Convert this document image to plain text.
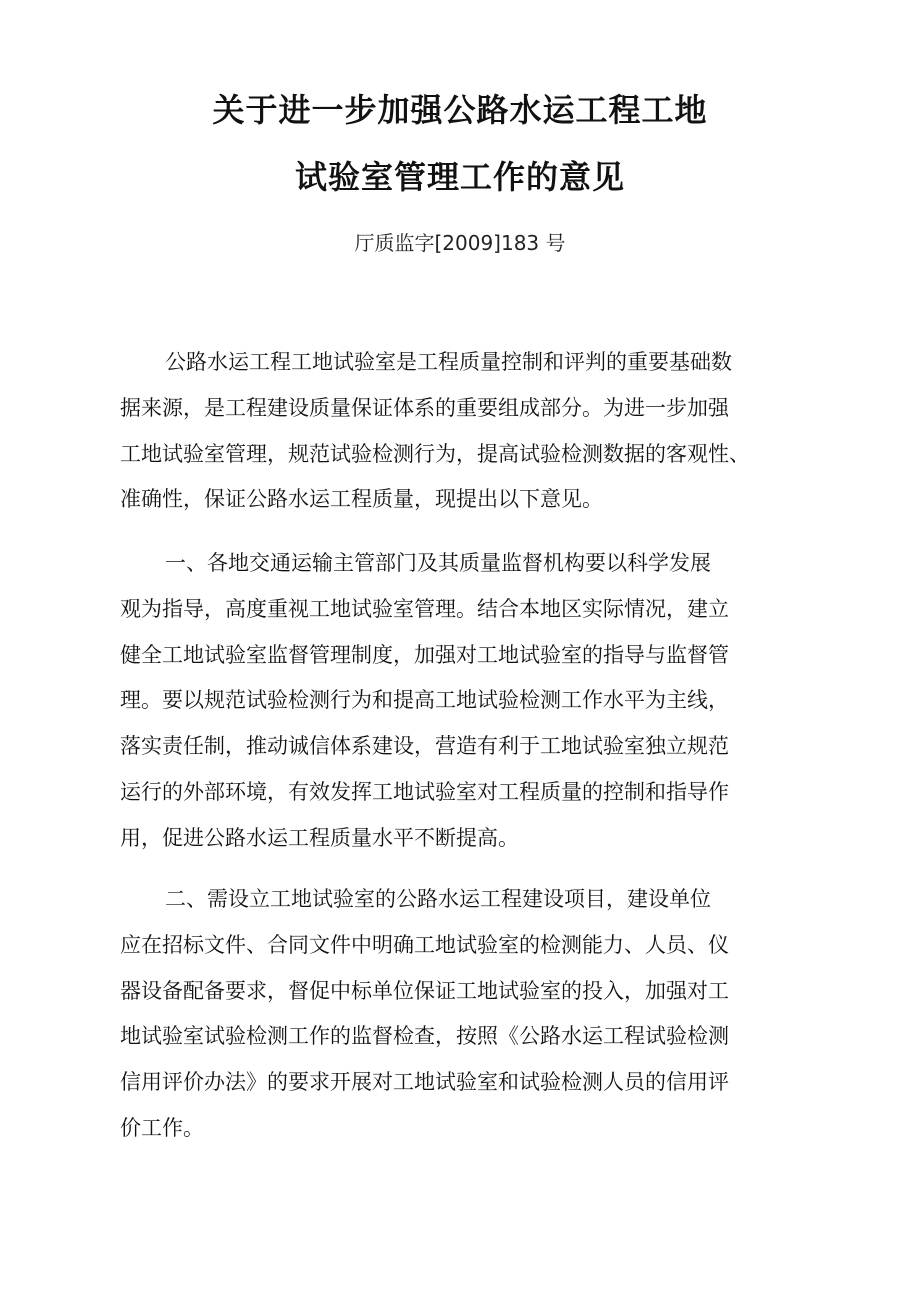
关于进一步加强公路水运工程工地
试验室管理工作的意见
厅质监字[2009]183 号
公路水运工程工地试验室是工程质量控制和评判的重要基础数
据来源，是工程建设质量保证体系的重要组成部分。为进一步加强
工地试验室管理，规范试验检测行为，提高试验检测数据的客观性、
准确性，保证公路水运工程质量，现提出以下意见。
一、各地交通运输主管部门及其质量监督机构要以科学发展
观为指导，高度重视工地试验室管理。结合本地区实际情况，建立
健全工地试验室监督管理制度，加强对工地试验室的指导与监督管
理。要以规范试验检测行为和提高工地试验检测工作水平为主线，
落实责任制，推动诚信体系建设，营造有利于工地试验室独立规范
运行的外部环境，有效发挥工地试验室对工程质量的控制和指导作
用，促进公路水运工程质量水平不断提高。
二、需设立工地试验室的公路水运工程建设项目，建设单位
应在招标文件、合同文件中明确工地试验室的检测能力、人员、仪
器设备配备要求，督促中标单位保证工地试验室的投入，加强对工
地试验室试验检测工作的监督检查，按照《公路水运工程试验检测
信用评价办法》的要求开展对工地试验室和试验检测人员的信用评
价工作。
